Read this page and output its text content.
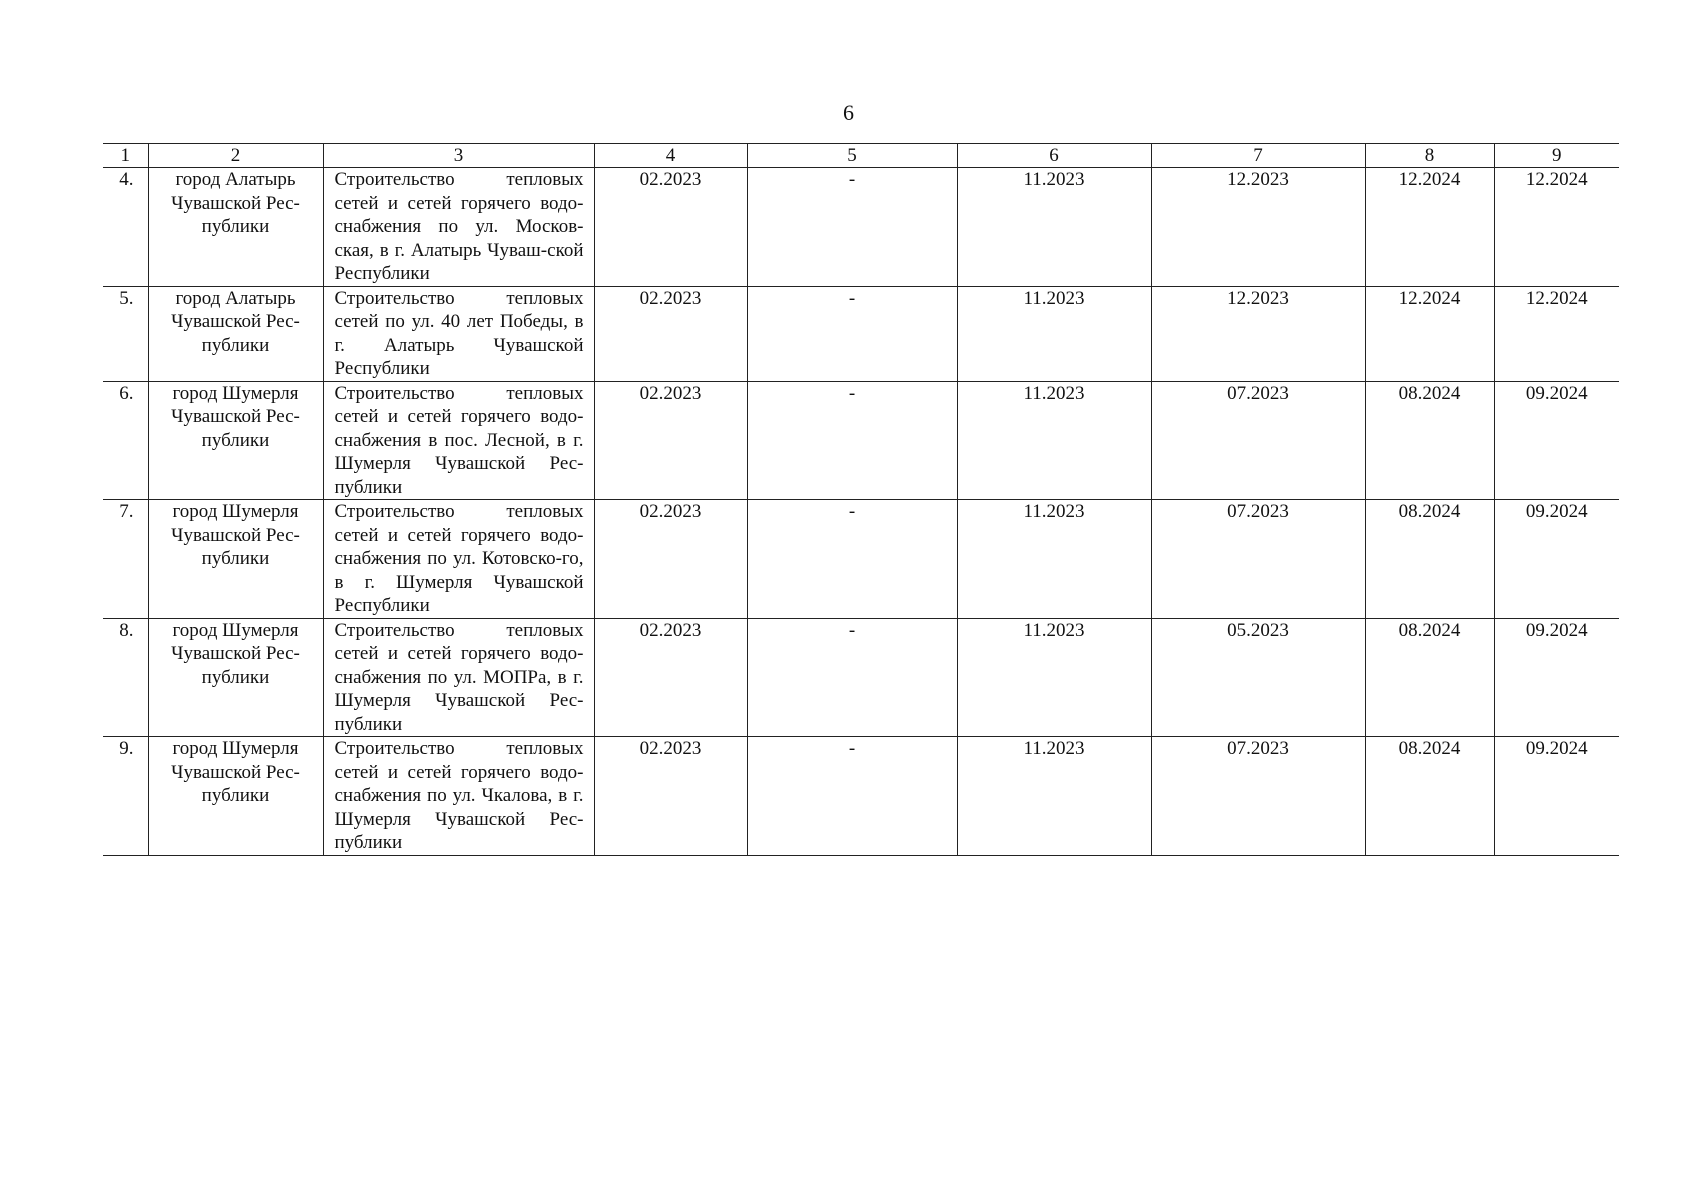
6
1	2	3	4	5	6	7	8	9
4.	город Алатырь Чувашской Рес-публики	Строительство тепловых сетей и сетей горячего водо-снабжения по ул. Москов-ская, в г. Алатырь Чуваш-ской Республики	02.2023	-	11.2023	12.2023	12.2024	12.2024
5.	город Алатырь Чувашской Рес-публики	Строительство тепловых сетей по ул. 40 лет Победы, в г. Алатырь Чувашской Республики	02.2023	-	11.2023	12.2023	12.2024	12.2024
6.	город Шумерля Чувашской Рес-публики	Строительство тепловых сетей и сетей горячего водо-снабжения в пос. Лесной, в г. Шумерля Чувашской Рес-публики	02.2023	-	11.2023	07.2023	08.2024	09.2024
7.	город Шумерля Чувашской Рес-публики	Строительство тепловых сетей и сетей горячего водо-снабжения по ул. Котовско-го, в г. Шумерля Чувашской Республики	02.2023	-	11.2023	07.2023	08.2024	09.2024
8.	город Шумерля Чувашской Рес-публики	Строительство тепловых сетей и сетей горячего водо-снабжения по ул. МОПРа, в г. Шумерля Чувашской Рес-публики	02.2023	-	11.2023	05.2023	08.2024	09.2024
9.	город Шумерля Чувашской Рес-публики	Строительство тепловых сетей и сетей горячего водо-снабжения по ул. Чкалова, в г. Шумерля Чувашской Рес-публики	02.2023	-	11.2023	07.2023	08.2024	09.2024
